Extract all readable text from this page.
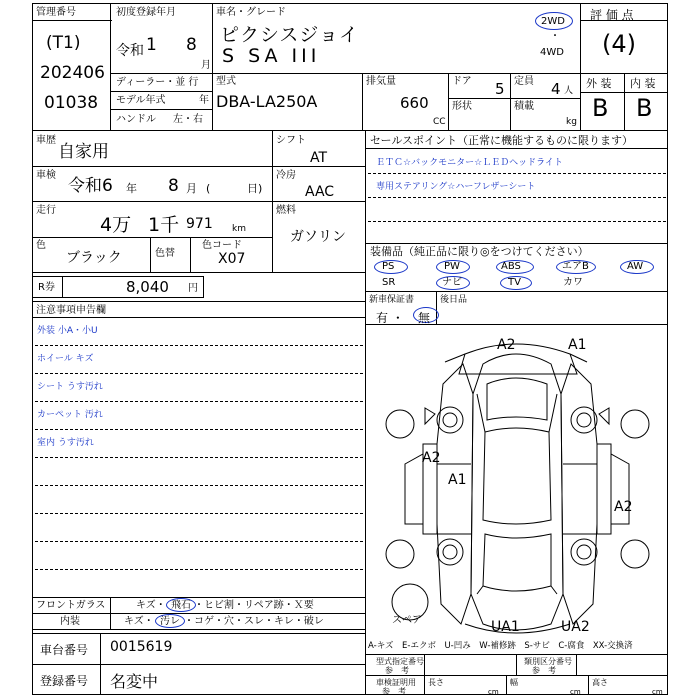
管理番号
(T1)
202406
01038
初度登録年月
令和 1 8
月
車名・グレード
ピクシスジョイ
S SA III
2WD
・
4WD
評 価 点
(4)
外 装 内 装
B B
ディーラー・並 行
モデル年式	年
ハンドル 左・右
型式
DBA-LA250A
排気量
660
CC
ドア 5 定員 4 人
形状	積載
kg
車歴
自家用
車検
令和6 年 8 月 (	日)
走行
4万 1千 971 km
色
ブラック	色替
色コード
X07
シフト
AT
冷房
AAC
燃料
ガソリン
R券	8,040 円
セールスポイント（正常に機能するものに限ります）
ＥＴＣ☆バックモニター☆ＬＥＤヘッドライト
専用ステアリング☆ハーフレザーシート
装備品（純正品に限り◎をつけてください）
PS	PW	ABS	エアB	AW
SR	ナビ	TV	カワ
新車保証書	後日品
有 ・ 無
注意事項申告欄
外装 小A・小U
ホイール キズ
シート うす汚れ
カーペット 汚れ
室内 うす汚れ
フロントガラス	キズ・ 飛石 ・ヒビ割・リペア跡・Ｘ要
内装	キズ・ 汚レ ・コゲ・穴・スレ・キレ・破レ
車台番号 0015619
登録番号 名変中
A-キズ　E-エクボ　U-凹み　W-補修跡　S-サビ　C-腐食　XX-交換済
型式指定番号
参　考
類別区分番号
参　考
車検証明用
参　考
長さ
cm
幅
cm
高さ
cm
A2	A1
A2
A1
A2
UA1	UA2
スペア
